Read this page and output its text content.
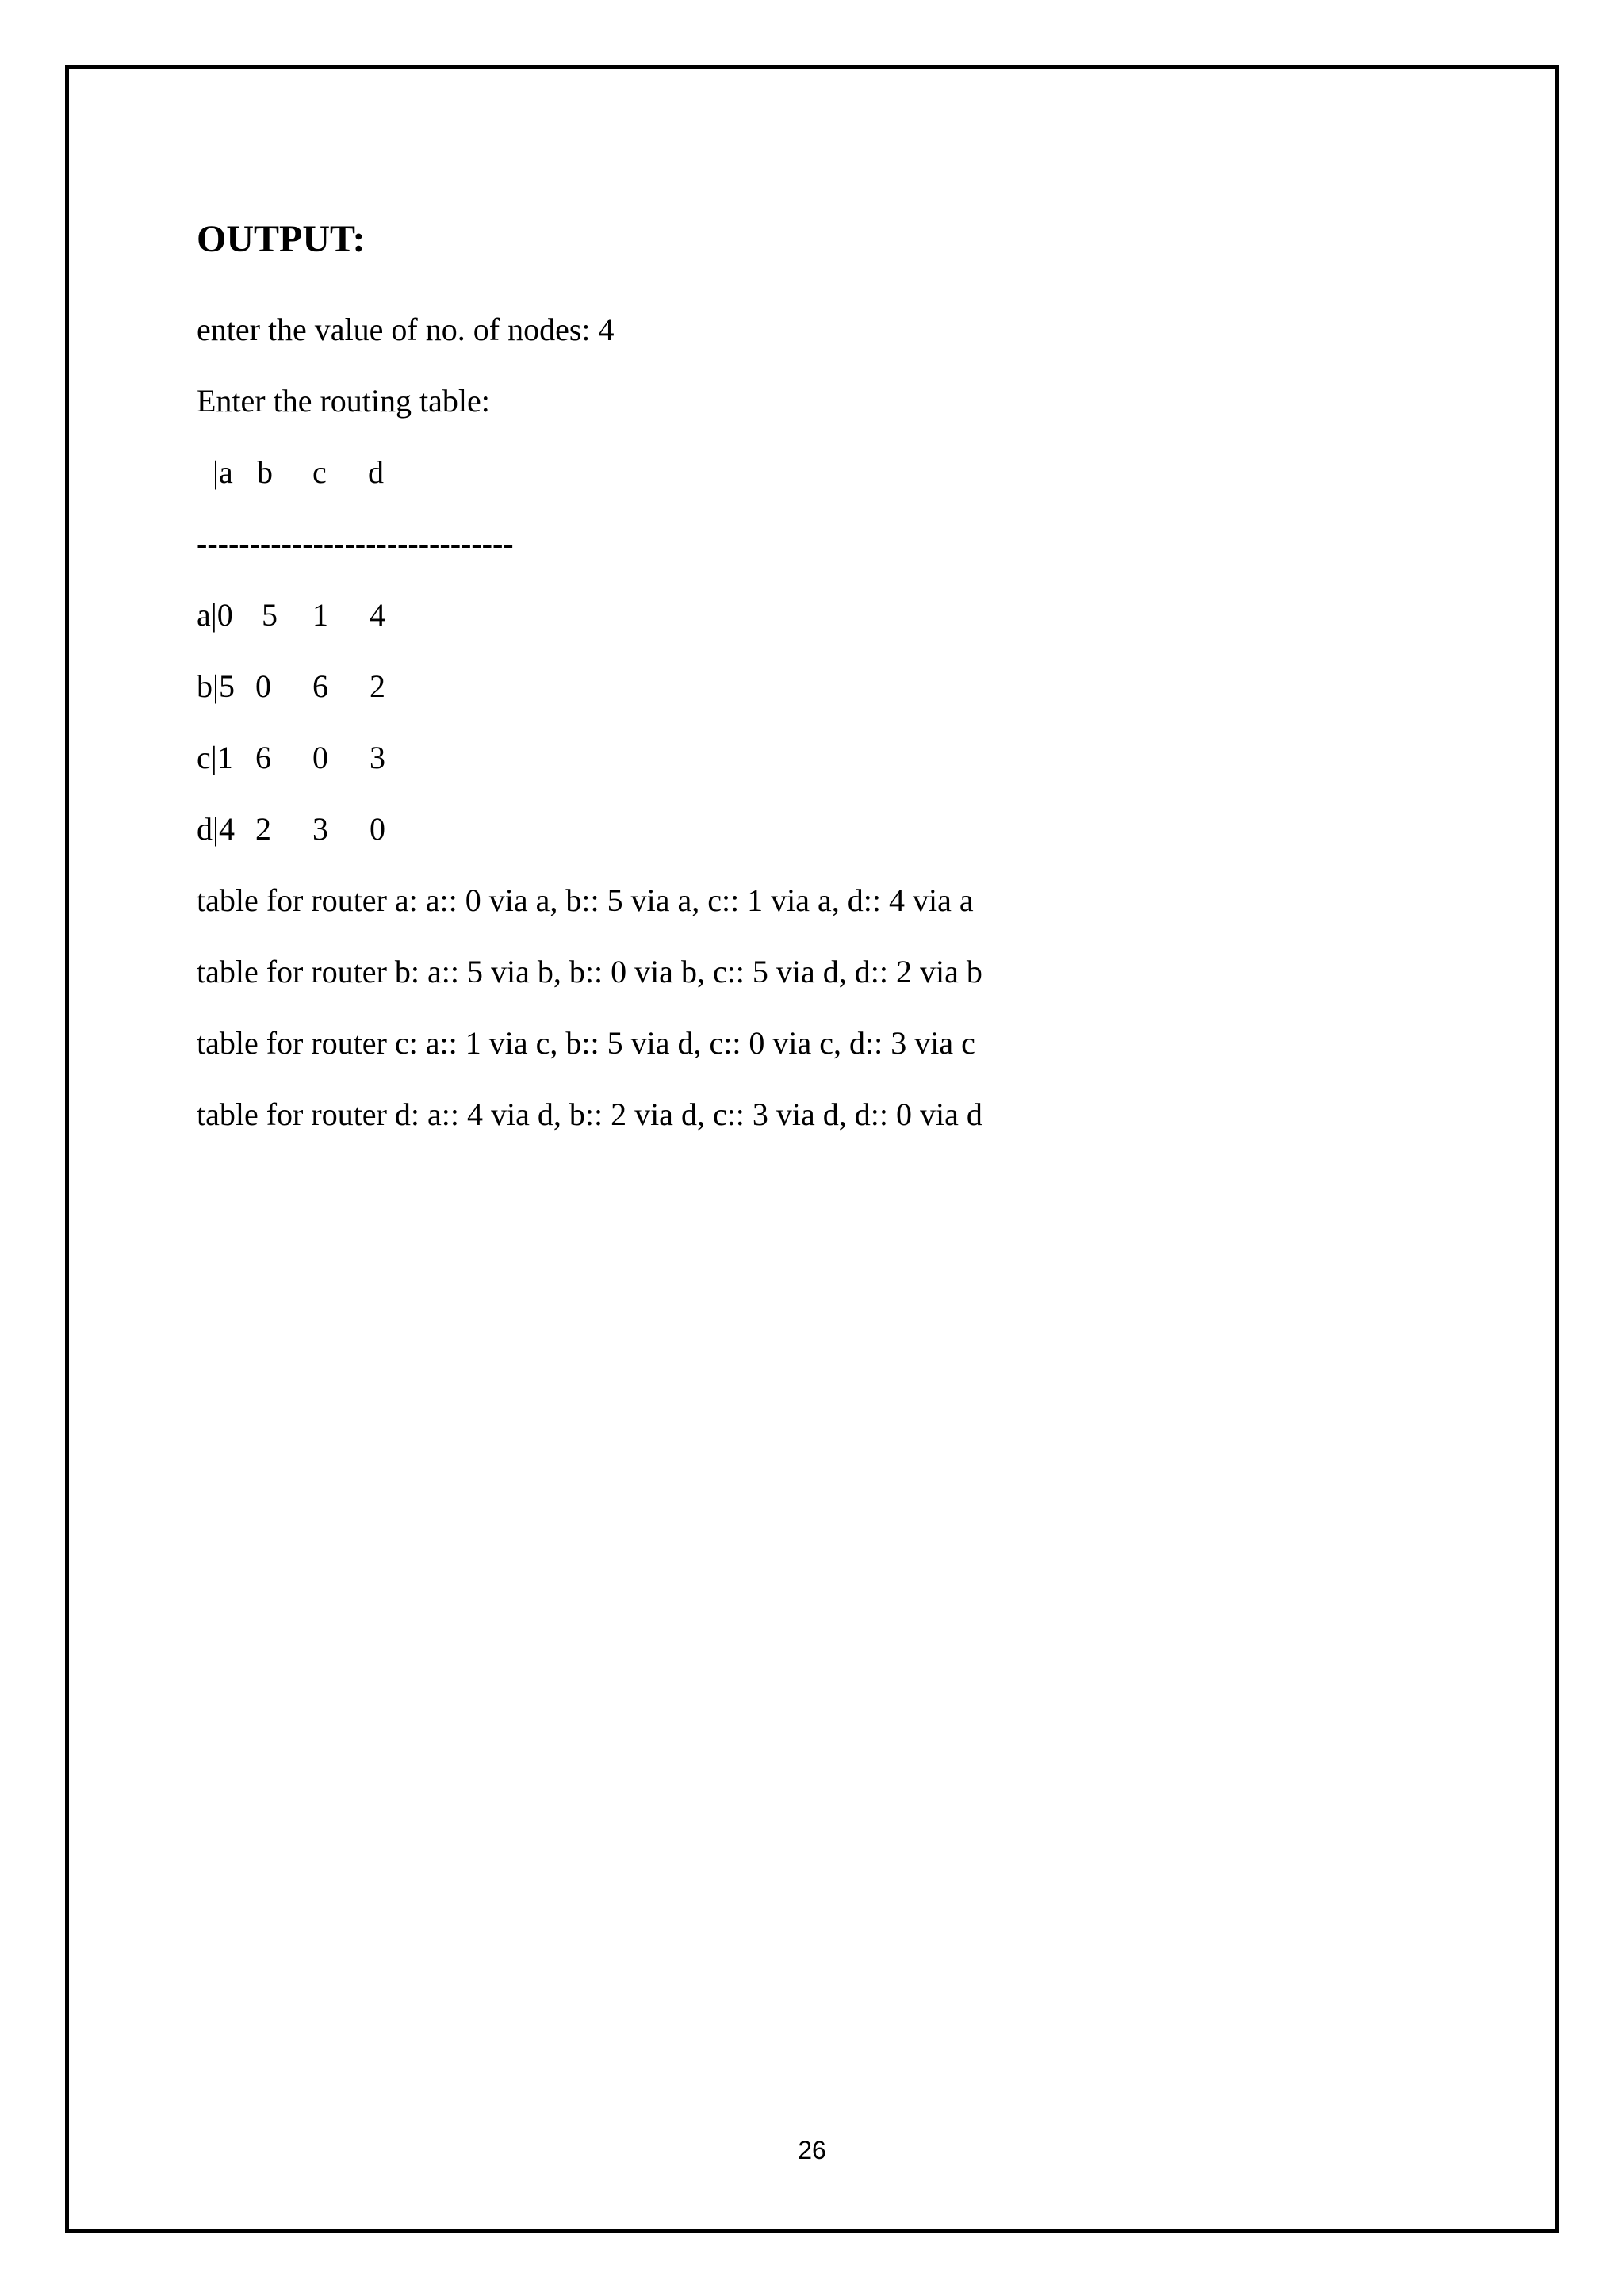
OUTPUT:
enter the value of no. of nodes: 4
Enter the routing table:
|a b c d
------------------------------
a|0 5 1 4
b|5 0 6 2
c|1 6 0 3
d|4 2 3 0
table for router a: a:: 0 via a, b:: 5 via a, c:: 1 via a, d:: 4 via a
table for router b: a:: 5 via b, b:: 0 via b, c:: 5 via d, d:: 2 via b
table for router c: a:: 1 via c, b:: 5 via d, c:: 0 via c, d:: 3 via c
table for router d: a:: 4 via d, b:: 2 via d, c:: 3 via d, d:: 0 via d
26
